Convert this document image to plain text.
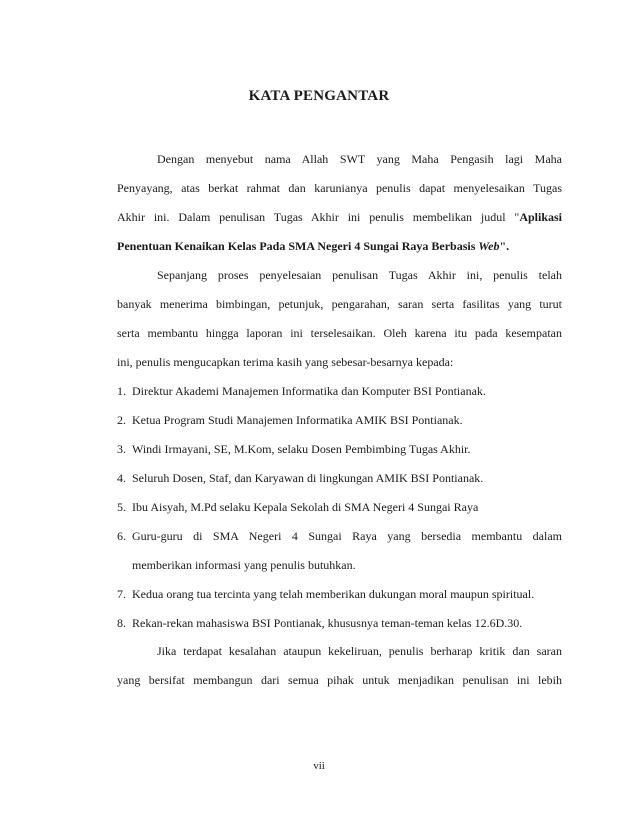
KATA PENGANTAR

Dengan menyebut nama Allah SWT yang Maha Pengasih lagi Maha

Penyayang, atas berkat rahmat dan karunianya penulis dapat menyelesaikan Tugas

Akhir ini. Dalam penulisan Tugas Akhir ini penulis membelikan judul "Aplikasi

Penentuan Kenaikan Kelas Pada SMA Negeri 4 Sungai Raya Berbasis Web".

Sepanjang proses penyelesaian penulisan Tugas Akhir ini, penulis telah

banyak menerima bimbingan, petunjuk, pengarahan, saran serta fasilitas yang turut

serta membantu hingga laporan ini terselesaikan. Oleh karena itu pada kesempatan

ini, penulis mengucapkan terima kasih yang sebesar-besarnya kepada:

1. Direktur Akademi Manajemen Informatika dan Komputer BSI Pontianak.
2. Ketua Program Studi Manajemen Informatika AMIK BSI Pontianak.
3. Windi Irmayani, SE, M.Kom, selaku Dosen Pembimbing Tugas Akhir.
4. Seluruh Dosen, Staf, dan Karyawan di lingkungan AMIK BSI Pontianak.
5. Ibu Aisyah, M.Pd selaku Kepala Sekolah di SMA Negeri 4 Sungai Raya
6. Guru-guru di SMA Negeri 4 Sungai Raya yang bersedia membantu dalam
memberikan informasi yang penulis butuhkan.
7. Kedua orang tua tercinta yang telah memberikan dukungan moral maupun spiritual.
8. Rekan-rekan mahasiswa BSI Pontianak, khususnya teman-teman kelas 12.6D.30.

Jika terdapat kesalahan ataupun kekeliruan, penulis berharap kritik dan saran

yang bersifat membangun dari semua pihak untuk menjadikan penulisan ini lebih

vii
